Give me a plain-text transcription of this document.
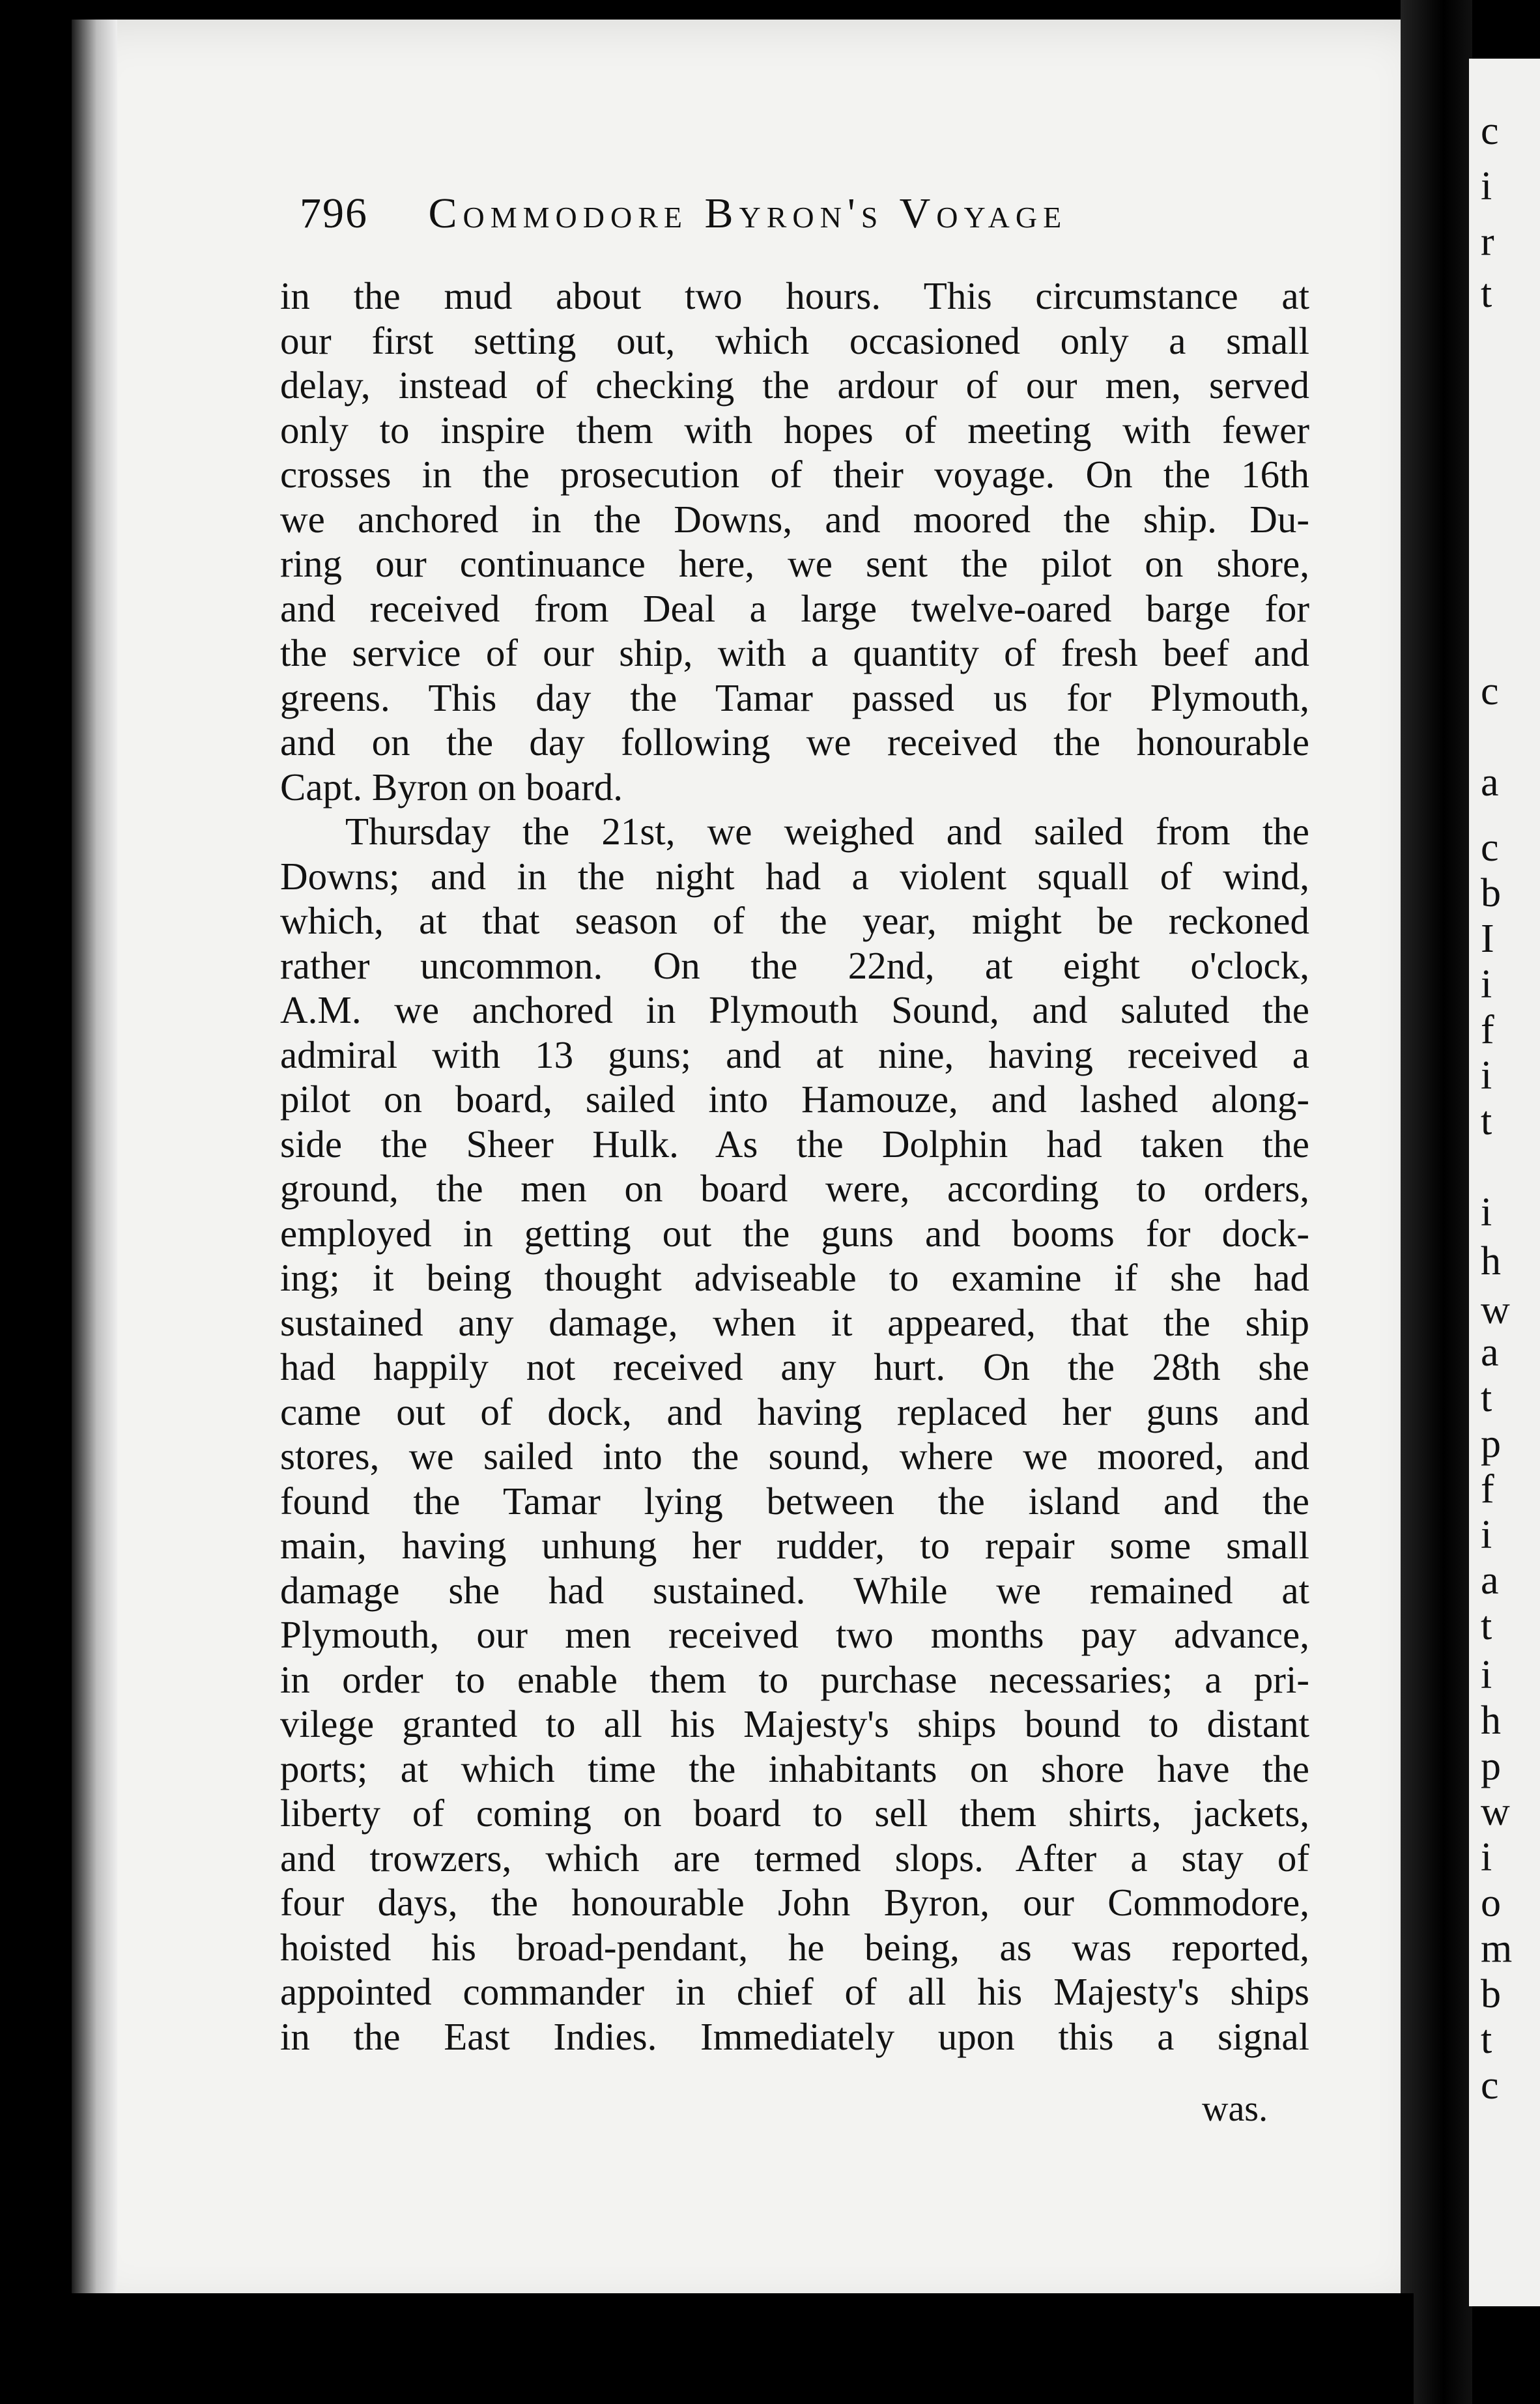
c
i
r
t
c
a
c
b
I
i
f
i
t
i
h
w
a
t
p
f
i
a
t
i
h
p
w
i
o
m
b
t
c
796 Commodore Byron's Voyage
in the mud about two hours. This circumstance at
our first setting out, which occasioned only a small
delay, instead of checking the ardour of our men, served
only to inspire them with hopes of meeting with fewer
crosses in the prosecution of their voyage. On the 16th
we anchored in the Downs, and moored the ship. Du-
ring our continuance here, we sent the pilot on shore,
and received from Deal a large twelve-oared barge for
the service of our ship, with a quantity of fresh beef and
greens. This day the Tamar passed us for Plymouth,
and on the day following we received the honourable
Capt. Byron on board.
Thursday the 21st, we weighed and sailed from the
Downs; and in the night had a violent squall of wind,
which, at that season of the year, might be reckoned
rather uncommon. On the 22nd, at eight o'clock,
A.M. we anchored in Plymouth Sound, and saluted the
admiral with 13 guns; and at nine, having received a
pilot on board, sailed into Hamouze, and lashed along-
side the Sheer Hulk. As the Dolphin had taken the
ground, the men on board were, according to orders,
employed in getting out the guns and booms for dock-
ing; it being thought adviseable to examine if she had
sustained any damage, when it appeared, that the ship
had happily not received any hurt. On the 28th she
came out of dock, and having replaced her guns and
stores, we sailed into the sound, where we moored, and
found the Tamar lying between the island and the
main, having unhung her rudder, to repair some small
damage she had sustained. While we remained at
Plymouth, our men received two months pay advance,
in order to enable them to purchase necessaries; a pri-
vilege granted to all his Majesty's ships bound to distant
ports; at which time the inhabitants on shore have the
liberty of coming on board to sell them shirts, jackets,
and trowzers, which are termed slops. After a stay of
four days, the honourable John Byron, our Commodore,
hoisted his broad-pendant, he being, as was reported,
appointed commander in chief of all his Majesty's ships
in the East Indies. Immediately upon this a signal
was.
